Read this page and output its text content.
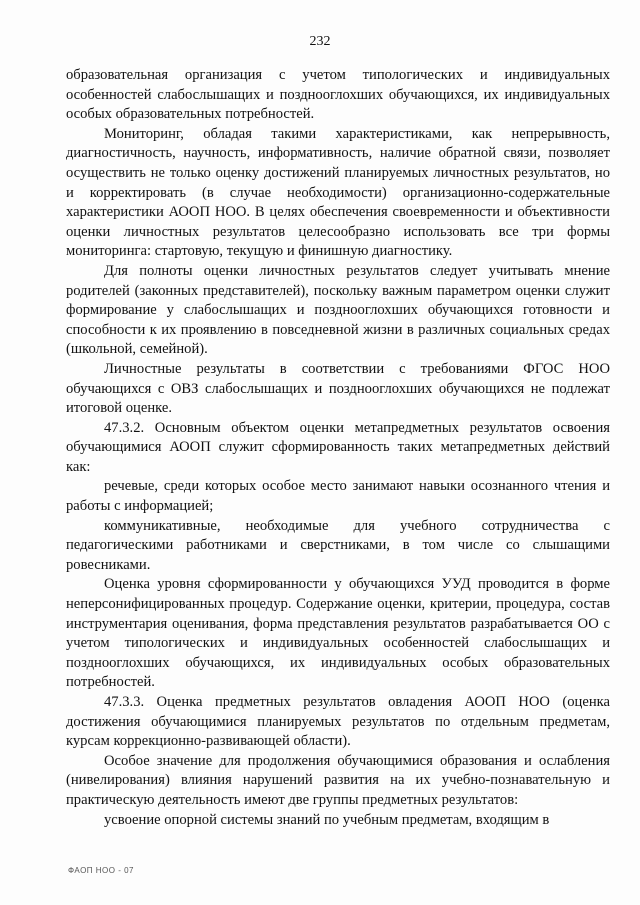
232

образовательная организация с учетом типологических и индивидуальных особенностей слабослышащих и позднооглохших обучающихся, их индивидуальных особых образовательных потребностей.

Мониторинг, обладая такими характеристиками, как непрерывность, диагностичность, научность, информативность, наличие обратной связи, позволяет осуществить не только оценку достижений планируемых личностных результатов, но и корректировать (в случае необходимости) организационно-содержательные характеристики АООП НОО. В целях обеспечения своевременности и объективности оценки личностных результатов целесообразно использовать все три формы мониторинга: стартовую, текущую и финишную диагностику.

Для полноты оценки личностных результатов следует учитывать мнение родителей (законных представителей), поскольку важным параметром оценки служит формирование у слабослышащих и позднооглохших обучающихся готовности и способности к их проявлению в повседневной жизни в различных социальных средах (школьной, семейной).

Личностные результаты в соответствии с требованиями ФГОС НОО обучающихся с ОВЗ слабослышащих и позднооглохших обучающихся не подлежат итоговой оценке.

47.3.2. Основным объектом оценки метапредметных результатов освоения обучающимися АООП служит сформированность таких метапредметных действий как:

речевые, среди которых особое место занимают навыки осознанного чтения и работы с информацией;

коммуникативные, необходимые для учебного сотрудничества с педагогическими работниками и сверстниками, в том числе со слышащими ровесниками.

Оценка уровня сформированности у обучающихся УУД проводится в форме неперсонифицированных процедур. Содержание оценки, критерии, процедура, состав инструментария оценивания, форма представления результатов разрабатывается ОО с учетом типологических и индивидуальных особенностей слабослышащих и позднооглохших обучающихся, их индивидуальных особых образовательных потребностей.

47.3.3. Оценка предметных результатов овладения АООП НОО (оценка достижения обучающимися планируемых результатов по отдельным предметам, курсам коррекционно-развивающей области).

Особое значение для продолжения обучающимися образования и ослабления (нивелирования) влияния нарушений развития на их учебно-познавательную и практическую деятельность имеют две группы предметных результатов:

усвоение опорной системы знаний по учебным предметам, входящим в

ФАОП НОО - 07
